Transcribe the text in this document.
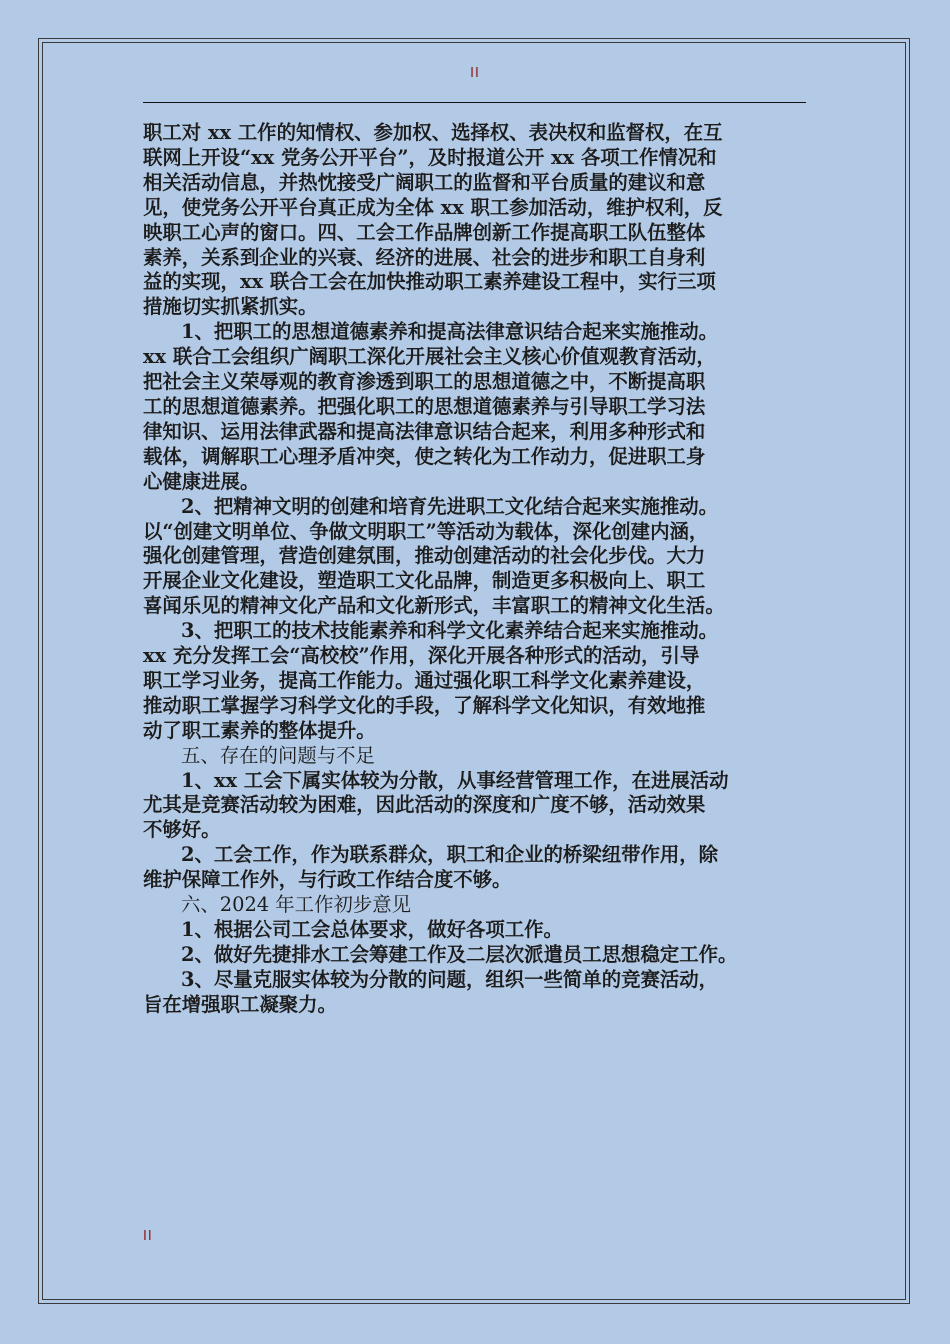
II

职工对 xx 工作的知情权、参加权、选择权、表决权和监督权，在互

联网上开设“xx 党务公开平台”，及时报道公开 xx 各项工作情况和

相关活动信息，并热忱接受广阔职工的监督和平台质量的建议和意

见，使党务公开平台真正成为全体 xx 职工参加活动，维护权利，反

映职工心声的窗口。四、工会工作品牌创新工作提高职工队伍整体

素养，关系到企业的兴衰、经济的进展、社会的进步和职工自身利

益的实现，xx 联合工会在加快推动职工素养建设工程中，实行三项

措施切实抓紧抓实。

1、把职工的思想道德素养和提高法律意识结合起来实施推动。

xx 联合工会组织广阔职工深化开展社会主义核心价值观教育活动，

把社会主义荣辱观的教育渗透到职工的思想道德之中，不断提高职

工的思想道德素养。把强化职工的思想道德素养与引导职工学习法

律知识、运用法律武器和提高法律意识结合起来，利用多种形式和

载体，调解职工心理矛盾冲突，使之转化为工作动力，促进职工身

心健康进展。

2、把精神文明的创建和培育先进职工文化结合起来实施推动。

以“创建文明单位、争做文明职工”等活动为载体，深化创建内涵，

强化创建管理，营造创建氛围，推动创建活动的社会化步伐。大力

开展企业文化建设，塑造职工文化品牌，制造更多积极向上、职工

喜闻乐见的精神文化产品和文化新形式，丰富职工的精神文化生活。

3、把职工的技术技能素养和科学文化素养结合起来实施推动。

xx 充分发挥工会“高校校”作用，深化开展各种形式的活动，引导

职工学习业务，提高工作能力。通过强化职工科学文化素养建设，

推动职工掌握学习科学文化的手段，了解科学文化知识，有效地推

动了职工素养的整体提升。

五、存在的问题与不足

1、xx 工会下属实体较为分散，从事经营管理工作，在进展活动

尤其是竞赛活动较为困难，因此活动的深度和广度不够，活动效果

不够好。

2、工会工作，作为联系群众，职工和企业的桥梁纽带作用，除

维护保障工作外，与行政工作结合度不够。

六、2024 年工作初步意见

1、根据公司工会总体要求，做好各项工作。

2、做好先捷排水工会筹建工作及二层次派遣员工思想稳定工作。

3、尽量克服实体较为分散的问题，组织一些简单的竞赛活动，

旨在增强职工凝聚力。

II
